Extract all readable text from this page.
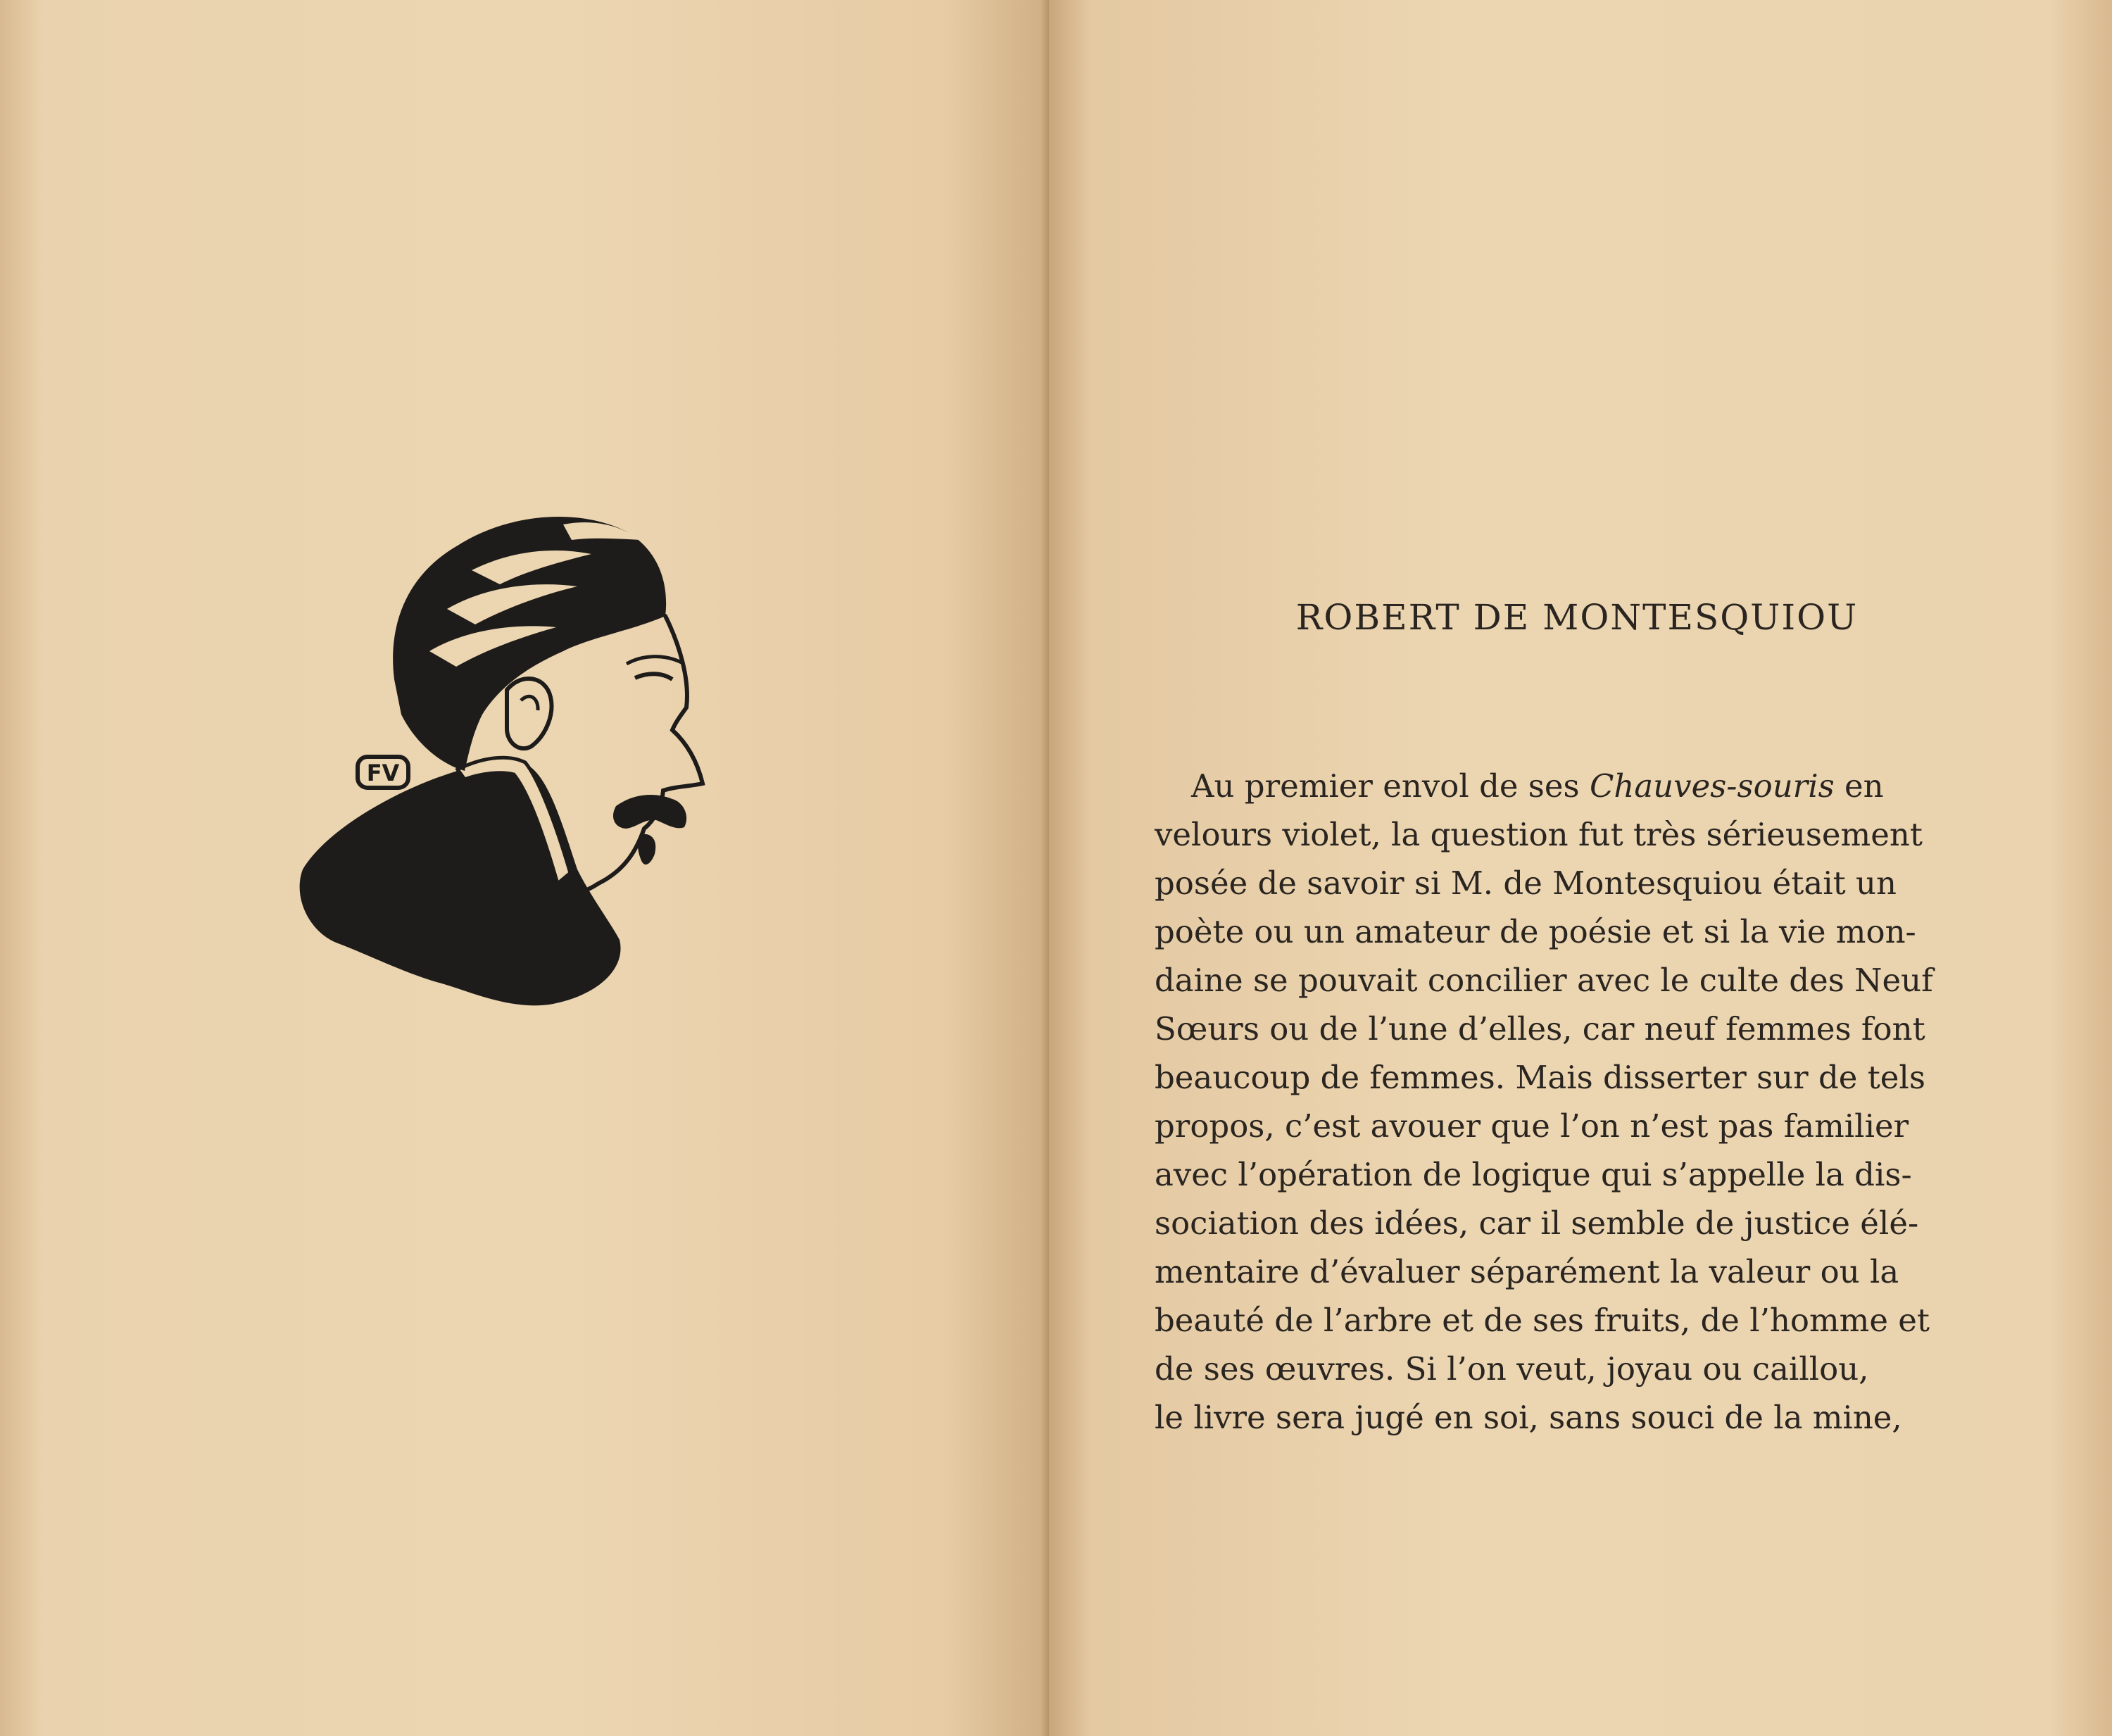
FV
ROBERT DE MONTESQUIOU
Au premier envol de ses Chauves-souris en
velours violet, la question fut très sérieusement
posée de savoir si M. de Montesquiou était un
poète ou un amateur de poésie et si la vie mon-
daine se pouvait concilier avec le culte des Neuf
Sœurs ou de l’une d’elles, car neuf femmes font
beaucoup de femmes. Mais disserter sur de tels
propos, c’est avouer que l’on n’est pas familier
avec l’opération de logique qui s’appelle la dis-
sociation des idées, car il semble de justice élé-
mentaire d’évaluer séparément la valeur ou la
beauté de l’arbre et de ses fruits, de l’homme et
de ses œuvres. Si l’on veut, joyau ou caillou,
le livre sera jugé en soi, sans souci de la mine,
